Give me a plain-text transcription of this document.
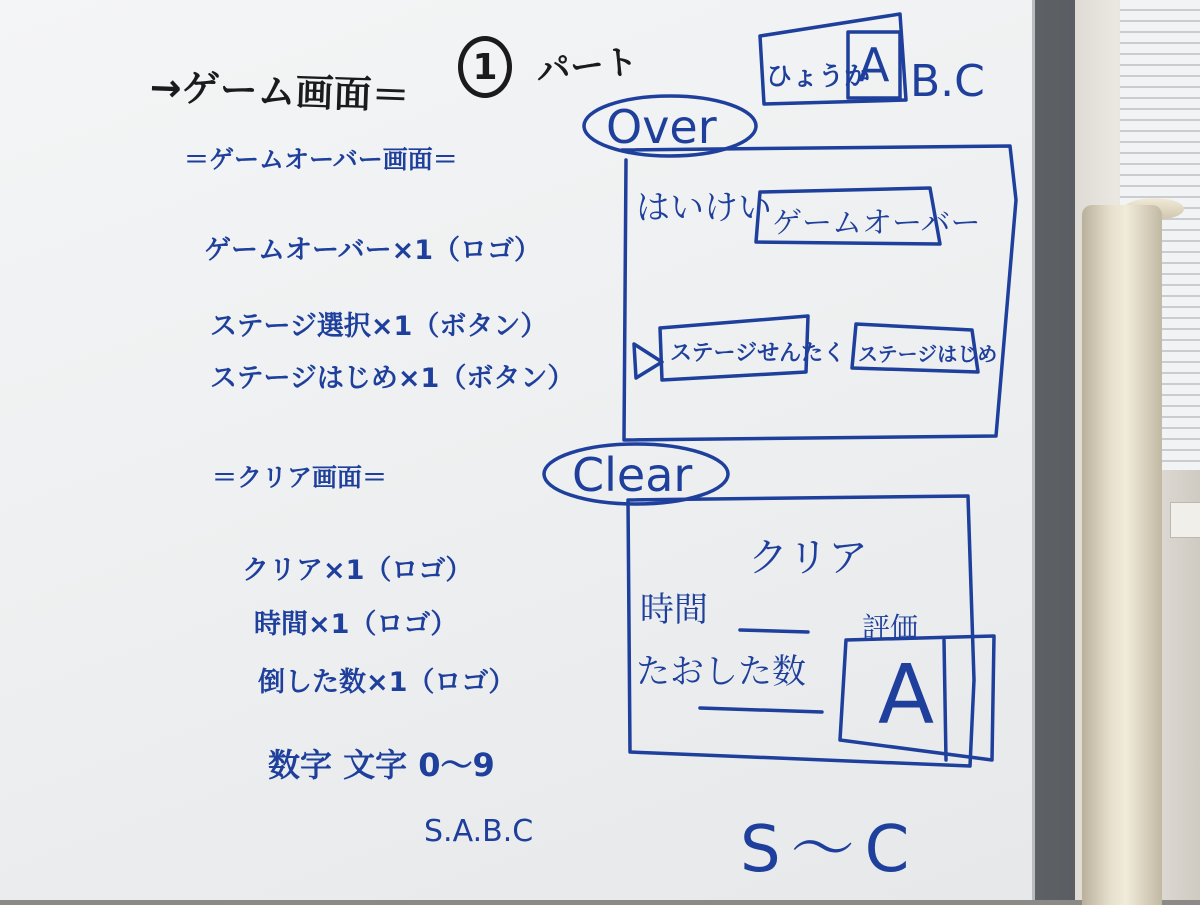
→ゲーム画面＝ 1 パート	ひょうか
A B.C
＝ゲームオーバー画面＝
ゲームオーバー×1（ロゴ）
ステージ選択×1（ボタン）
ステージはじめ×1（ボタン）
＝クリア画面＝
クリア×1（ロゴ）
時間×1（ロゴ）
倒した数×1（ロゴ）
数字 文字 0〜9
S.A.B.C
Over
はいけい ゲームオーバー
ステージせんたく ステージはじめ
Clear
クリア
時間
たおした数
評価
A
S〜C
